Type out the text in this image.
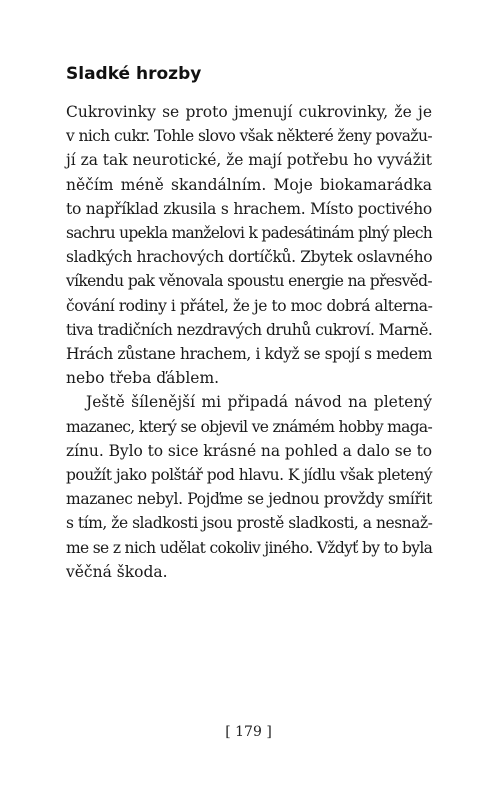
Sladké hrozby

Cukrovinky se proto jmenují cukrovinky, že je
v nich cukr. Tohle slovo však některé ženy považu-
jí za tak neurotické, že mají potřebu ho vyvážit
něčím méně skandálním. Moje biokamarádka
to například zkusila s hrachem. Místo poctivého
sachru upekla manželovi k padesátinám plný plech
sladkých hrachových dortíčků. Zbytek oslavného
víkendu pak věnovala spoustu energie na přesvěd-
čování rodiny i přátel, že je to moc dobrá alterna-
tiva tradičních nezdravých druhů cukroví. Marně.
Hrách zůstane hrachem, i když se spojí s medem
nebo třeba ďáblem.

Ještě šílenější mi připadá návod na pletený
mazanec, který se objevil ve známém hobby maga-
zínu. Bylo to sice krásné na pohled a dalo se to
použít jako polštář pod hlavu. K jídlu však pletený
mazanec nebyl. Pojďme se jednou provždy smířit
s tím, že sladkosti jsou prostě sladkosti, a nesnaž-
me se z nich udělat cokoliv jiného. Vždyť by to byla
věčná škoda.

[ 179 ]
